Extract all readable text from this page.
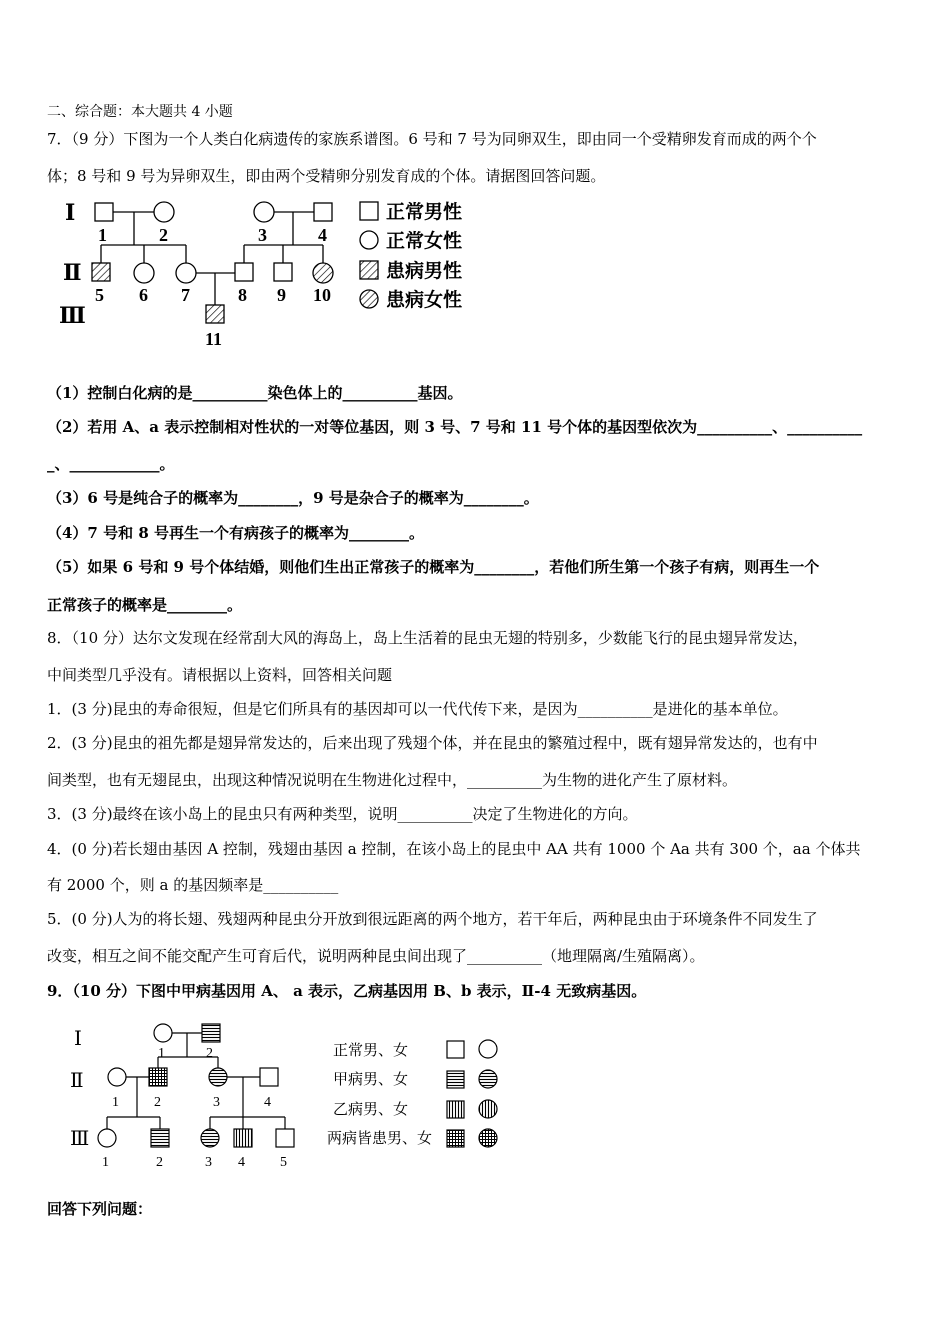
二、综合题：本大题共 4 小题
7．（9 分）下图为一个人类白化病遗传的家族系谱图。6 号和 7 号为同卵双生，即由同一个受精卵发育而成的两个个
体；8 号和 9 号为异卵双生，即由两个受精卵分别发育成的个体。请据图回答问题。
Ⅰ
Ⅱ
Ⅲ
1	2	3	4
5 6 7	8 9 10
11
正常男性
正常女性
患病男性
患病女性
（1）控制白化病的是__________染色体上的__________基因。
（2）若用 A、a 表示控制相对性状的一对等位基因，则 3 号、7 号和 11 号个体的基因型依次为__________、__________
_、____________。
（3）6 号是纯合子的概率为________，9 号是杂合子的概率为________。
（4）7 号和 8 号再生一个有病孩子的概率为________。
（5）如果 6 号和 9 号个体结婚，则他们生出正常孩子的概率为________，若他们所生第一个孩子有病，则再生一个
正常孩子的概率是________。
8．（10 分）达尔文发现在经常刮大风的海岛上，岛上生活着的昆虫无翅的特别多，少数能飞行的昆虫翅异常发达，
中间类型几乎没有。请根据以上资料，回答相关问题
1．(3 分)昆虫的寿命很短，但是它们所具有的基因却可以一代代传下来，是因为__________是进化的基本单位。
2．(3 分)昆虫的祖先都是翅异常发达的，后来出现了残翅个体，并在昆虫的繁殖过程中，既有翅异常发达的，也有中
间类型，也有无翅昆虫，出现这种情况说明在生物进化过程中，__________为生物的进化产生了原材料。
3．(3 分)最终在该小岛上的昆虫只有两种类型，说明__________决定了生物进化的方向。
4．(0 分)若长翅由基因 A 控制，残翅由基因 a 控制，在该小岛上的昆虫中 AA 共有 1000 个 Aa 共有 300 个，aa 个体共
有 2000 个，则 a 的基因频率是__________
5．(0 分)人为的将长翅、残翅两种昆虫分开放到很远距离的两个地方，若干年后，两种昆虫由于环境条件不同发生了
改变，相互之间不能交配产生可育后代，说明两种昆虫间出现了__________（地理隔离/生殖隔离）。
9．（10 分）下图中甲病基因用 A、 a 表示，乙病基因用 B、b 表示，Ⅱ-4 无致病基因。
Ⅰ
Ⅱ
Ⅲ
1	2
1	2	3	4
1	2	3 4	5
正常男、女
甲病男、女
乙病男、女
两病皆患男、女
回答下列问题：
